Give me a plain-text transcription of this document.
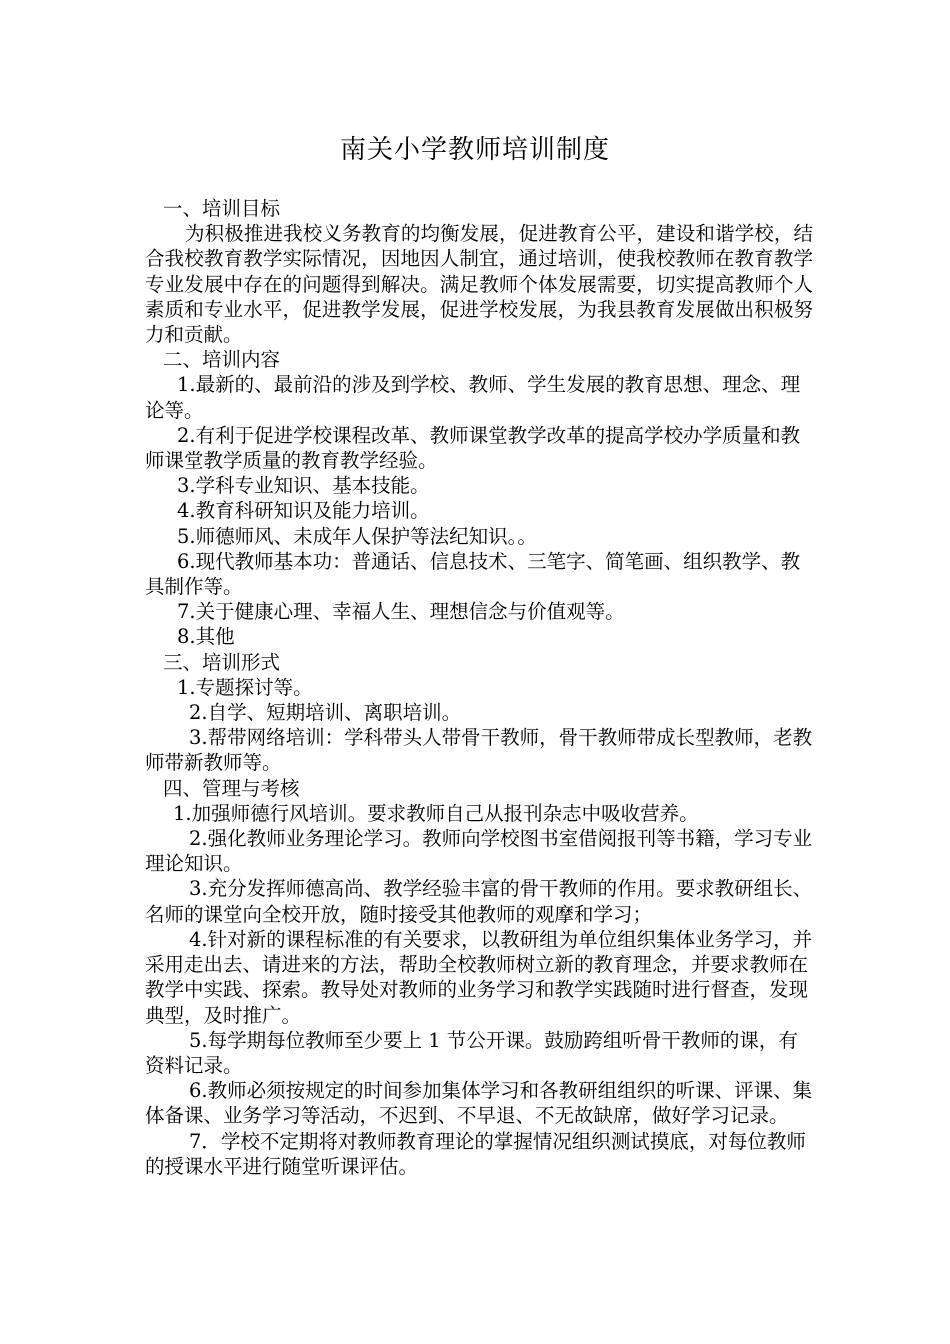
南关小学教师培训制度

一、培训目标

为积极推进我校义务教育的均衡发展，促进教育公平，建设和谐学校，结合我校教育教学实际情况，因地因人制宜，通过培训，使我校教师在教育教学专业发展中存在的问题得到解决。满足教师个体发展需要，切实提高教师个人素质和专业水平，促进教学发展，促进学校发展，为我县教育发展做出积极努力和贡献。

二、培训内容

1.最新的、最前沿的涉及到学校、教师、学生发展的教育思想、理念、理论等。

2.有利于促进学校课程改革、教师课堂教学改革的提高学校办学质量和教师课堂教学质量的教育教学经验。

3.学科专业知识、基本技能。

4.教育科研知识及能力培训。

5.师德师风、未成年人保护等法纪知识。。

6.现代教师基本功：普通话、信息技术、三笔字、简笔画、组织教学、教具制作等。

7.关于健康心理、幸福人生、理想信念与价值观等。

8.其他

三、培训形式

1.专题探讨等。

2.自学、短期培训、离职培训。

3.帮带网络培训：学科带头人带骨干教师，骨干教师带成长型教师，老教师带新教师等。

四、管理与考核

1.加强师德行风培训。要求教师自己从报刊杂志中吸收营养。

2.强化教师业务理论学习。教师向学校图书室借阅报刊等书籍，学习专业理论知识。

3.充分发挥师德高尚、教学经验丰富的骨干教师的作用。要求教研组长、名师的课堂向全校开放，随时接受其他教师的观摩和学习；

4.针对新的课程标准的有关要求，以教研组为单位组织集体业务学习，并采用走出去、请进来的方法，帮助全校教师树立新的教育理念，并要求教师在教学中实践、探索。教导处对教师的业务学习和教学实践随时进行督查，发现典型，及时推广。

5.每学期每位教师至少要上 1 节公开课。鼓励跨组听骨干教师的课，有资料记录。

6.教师必须按规定的时间参加集体学习和各教研组组织的听课、评课、集体备课、业务学习等活动，不迟到、不早退、不无故缺席，做好学习记录。

7．学校不定期将对教师教育理论的掌握情况组织测试摸底，对每位教师的授课水平进行随堂听课评估。
